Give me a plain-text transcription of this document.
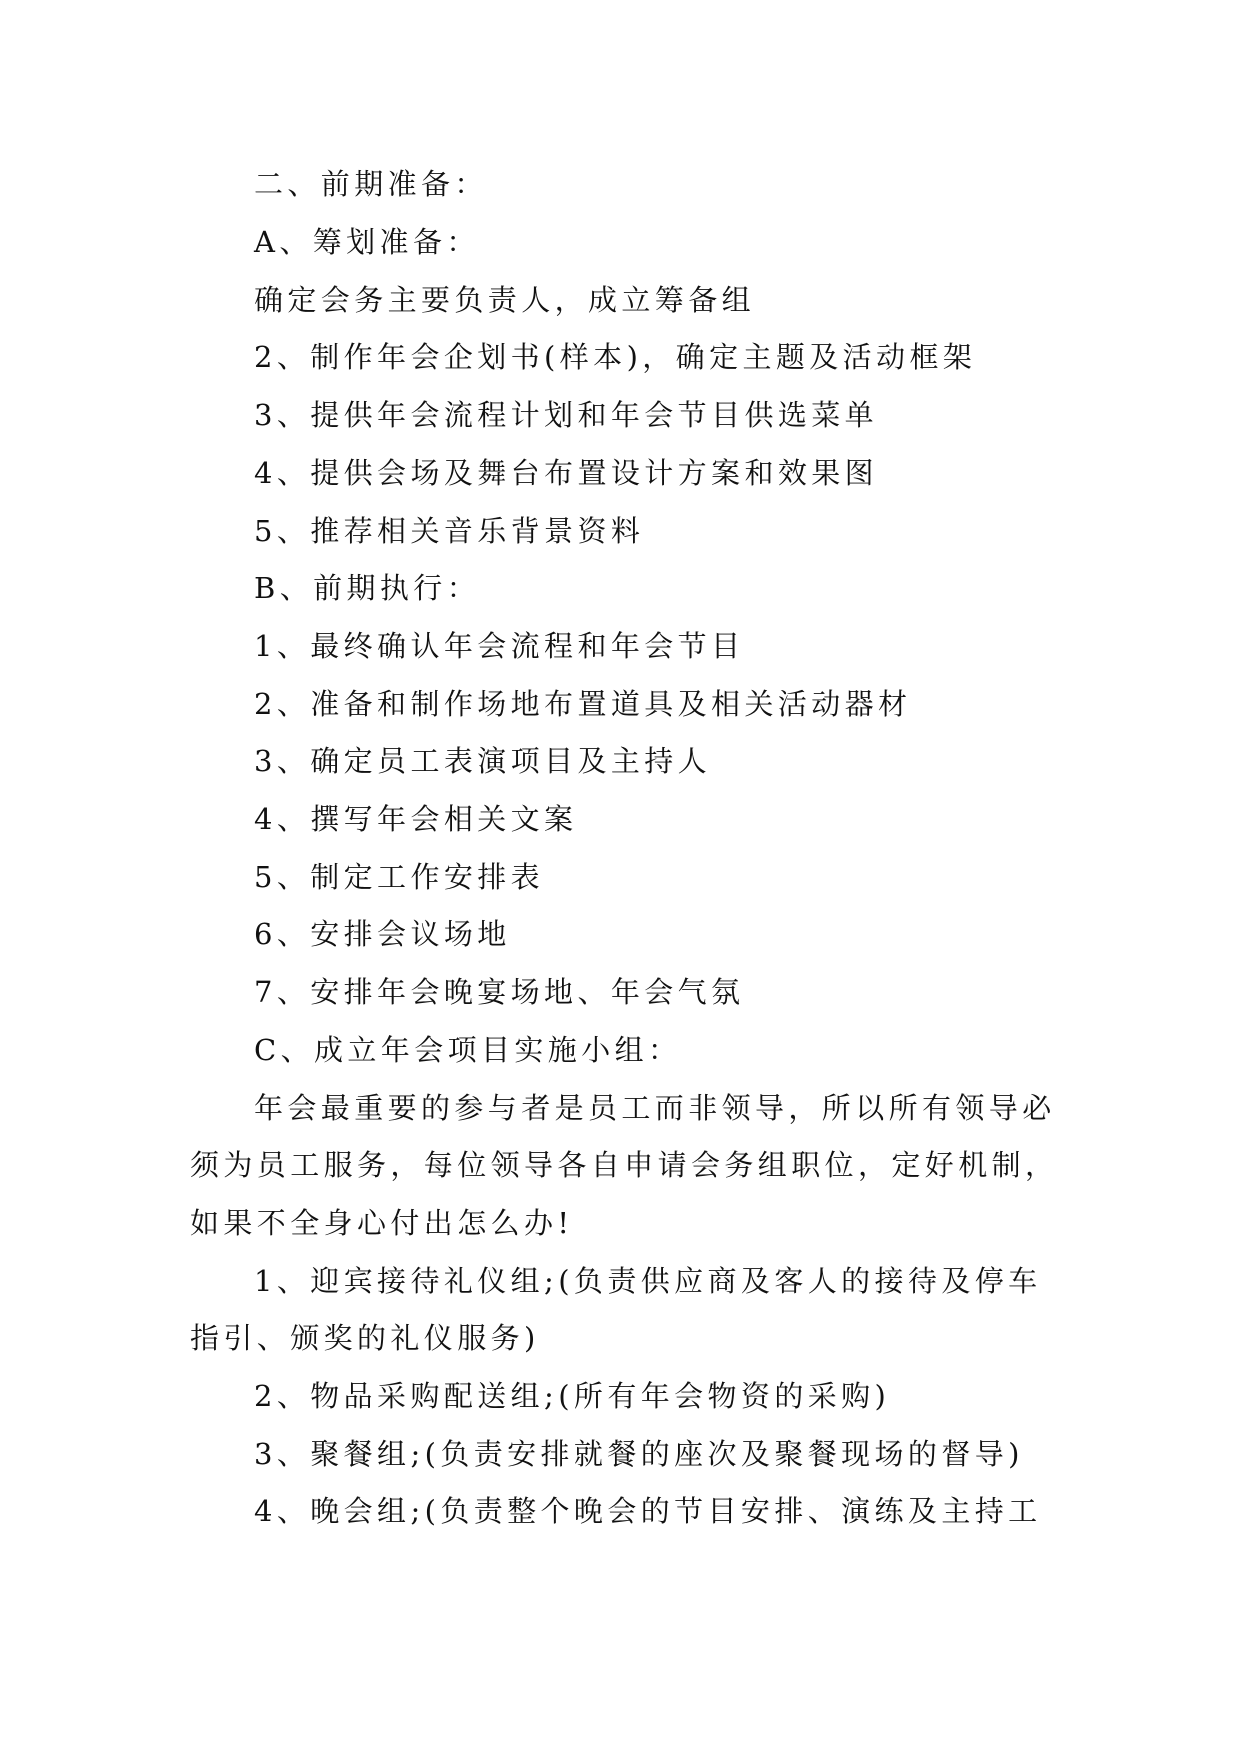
二、前期准备：
A、筹划准备：
确定会务主要负责人，成立筹备组
2、制作年会企划书(样本)，确定主题及活动框架
3、提供年会流程计划和年会节目供选菜单
4、提供会场及舞台布置设计方案和效果图
5、推荐相关音乐背景资料
B、前期执行：
1、最终确认年会流程和年会节目
2、准备和制作场地布置道具及相关活动器材
3、确定员工表演项目及主持人
4、撰写年会相关文案
5、制定工作安排表
6、安排会议场地
7、安排年会晚宴场地、年会气氛
C、成立年会项目实施小组：
年会最重要的参与者是员工而非领导，所以所有领导必
须为员工服务，每位领导各自申请会务组职位，定好机制，
如果不全身心付出怎么办!
1、迎宾接待礼仪组;(负责供应商及客人的接待及停车
指引、颁奖的礼仪服务)
2、物品采购配送组;(所有年会物资的采购)
3、聚餐组;(负责安排就餐的座次及聚餐现场的督导)
4、晚会组;(负责整个晚会的节目安排、演练及主持工
